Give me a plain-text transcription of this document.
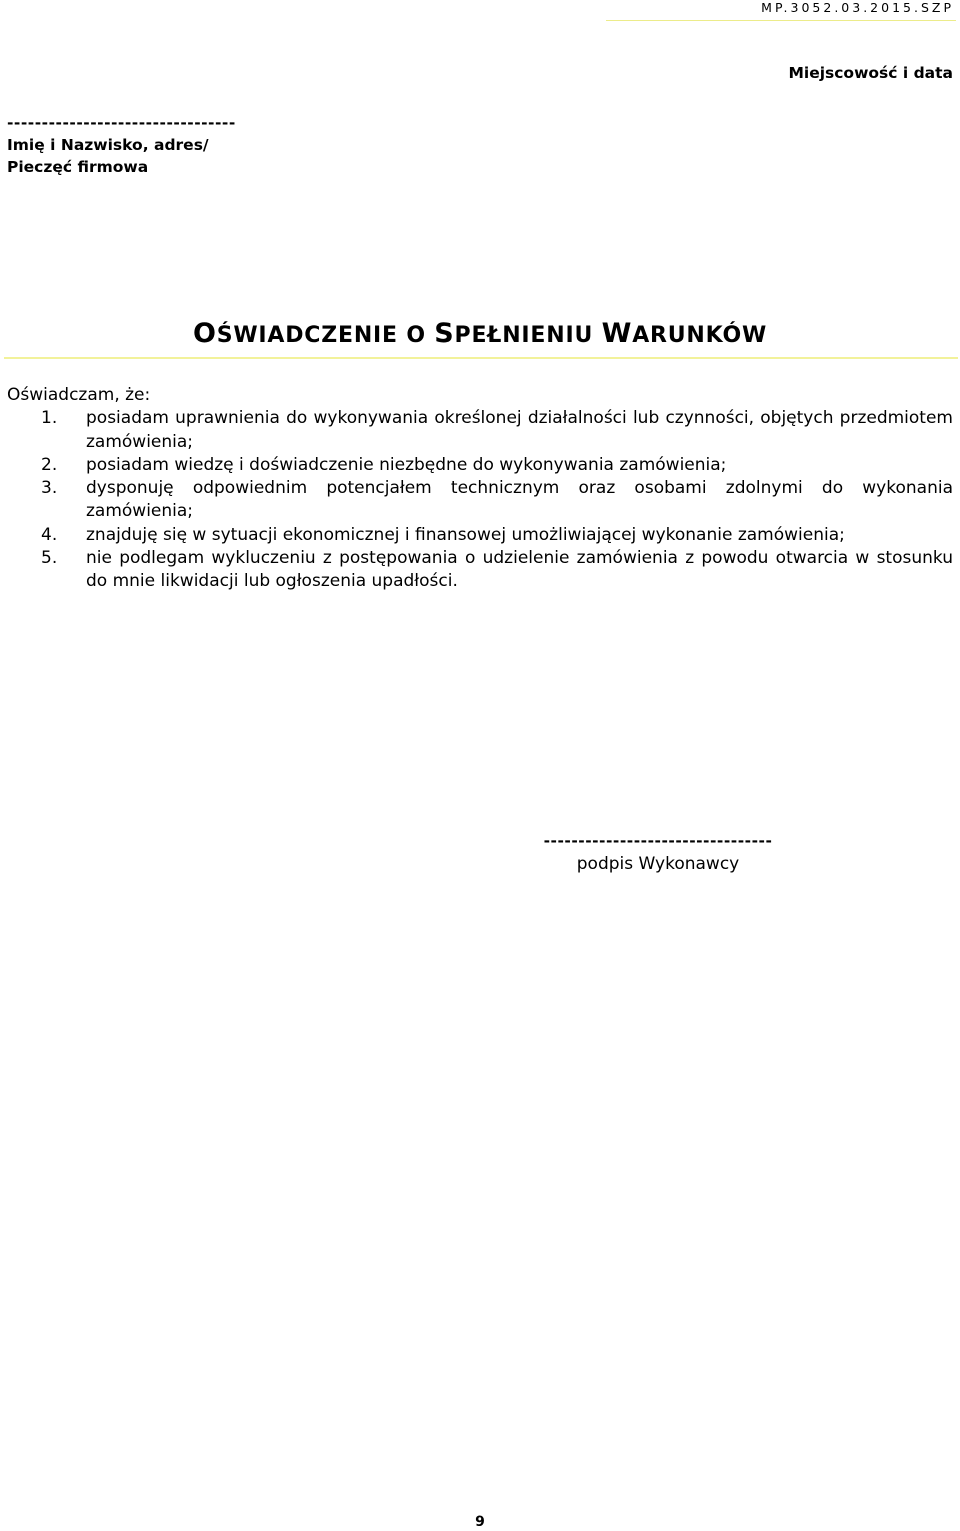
MP.3052.03.2015.SZP
Miejscowość i data
---------------------------------
Imię i Nazwisko, adres/
Pieczęć firmowa
OŚWIADCZENIE O SPEŁNIENIU WARUNKÓW

Oświadczam, że:

1.	posiadam uprawnienia do wykonywania określonej działalności lub czynności, objętych przedmiotem zamówienia;
2.	posiadam wiedzę i doświadczenie niezbędne do wykonywania zamówienia;
3.	dysponuję odpowiednim potencjałem technicznym oraz osobami zdolnymi do wykonania zamówienia;
4.	znajduję się w sytuacji ekonomicznej i finansowej umożliwiającej wykonanie zamówienia;
5.	nie podlegam wykluczeniu z postępowania o udzielenie zamówienia z powodu otwarcia w stosunku do mnie likwidacji lub ogłoszenia upadłości.
---------------------------------
podpis Wykonawcy
9
